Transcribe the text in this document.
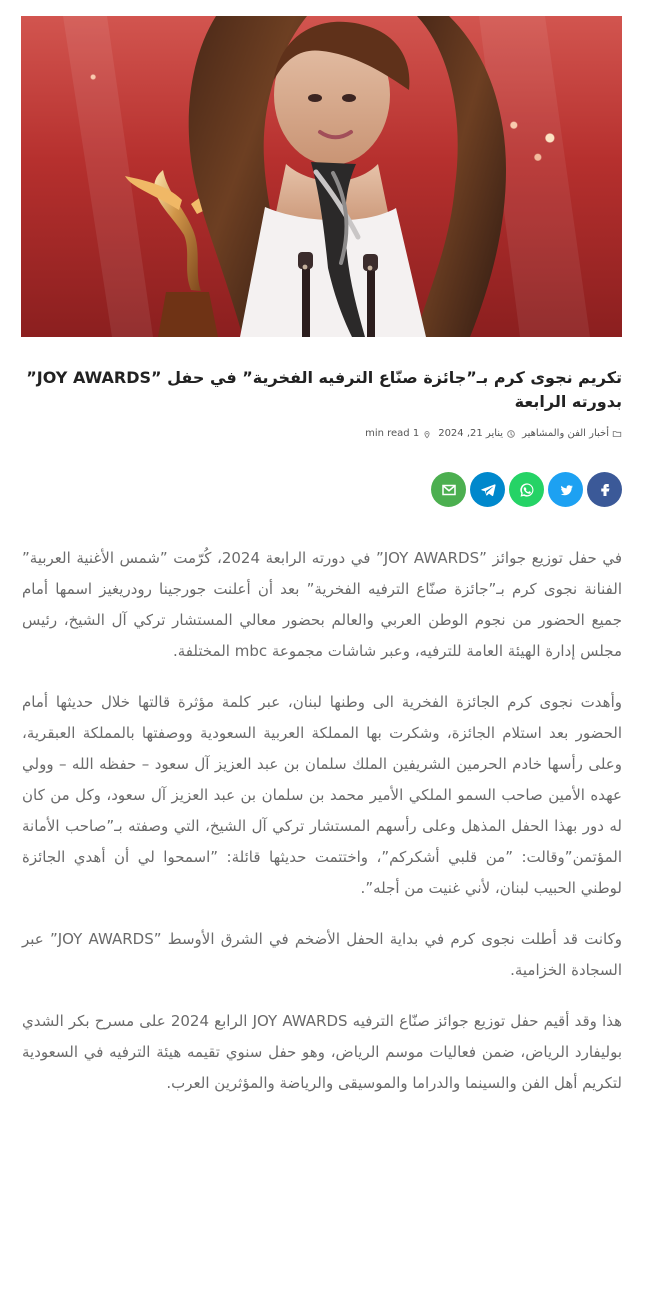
تكريم نجوى كرم بـ”جائزة صنّاع الترفيه الفخرية” في حفل ”JOY AWARDS” بدورته الرابعة
أخبار الفن والمشاهير
يناير 21, 2024
1 min read

في حفل توزيع جوائز ”JOY AWARDS” في دورته الرابعة 2024، كُرّمت ”شمس الأغنية العربية” الفنانة نجوى كرم بـ”جائزة صنّاع الترفيه الفخرية” بعد أن أعلنت جورجينا رودريغيز اسمها أمام جميع الحضور من نجوم الوطن العربي والعالم بحضور معالي المستشار تركي آل الشيخ، رئيس مجلس إدارة الهيئة العامة للترفيه، وعبر شاشات مجموعة mbc المختلفة.

وأهدت نجوى كرم الجائزة الفخرية الى وطنها لبنان، عبر كلمة مؤثرة قالتها خلال حديثها أمام الحضور بعد استلام الجائزة، وشكرت بها المملكة العربية السعودية ووصفتها بالمملكة العبقرية، وعلى رأسها خادم الحرمين الشريفين الملك سلمان بن عبد العزيز آل سعود – حفظه الله – وولي عهده الأمين صاحب السمو الملكي الأمير محمد بن سلمان بن عبد العزيز آل سعود، وكل من كان له دور بهذا الحفل المذهل وعلى رأسهم المستشار تركي آل الشيخ، التي وصفته بـ”صاحب الأمانة المؤتمن”وقالت: ”من قلبي أشكركم”، واختتمت حديثها قائلة: ”اسمحوا لي أن أهدي الجائزة لوطني الحبيب لبنان، لأني غنيت من أجله”.

وكانت قد أطلت نجوى كرم في بداية الحفل الأضخم في الشرق الأوسط ”JOY AWARDS” عبر السجادة الخزامية.

هذا وقد أقيم حفل توزيع جوائز صنّاع الترفيه JOY AWARDS الرابع 2024 على مسرح بكر الشدي بوليفارد الرياض، ضمن فعاليات موسم الرياض، وهو حفل سنوي تقيمه هيئة الترفيه في السعودية لتكريم أهل الفن والسينما والدراما والموسيقى والرياضة والمؤثرين العرب.
